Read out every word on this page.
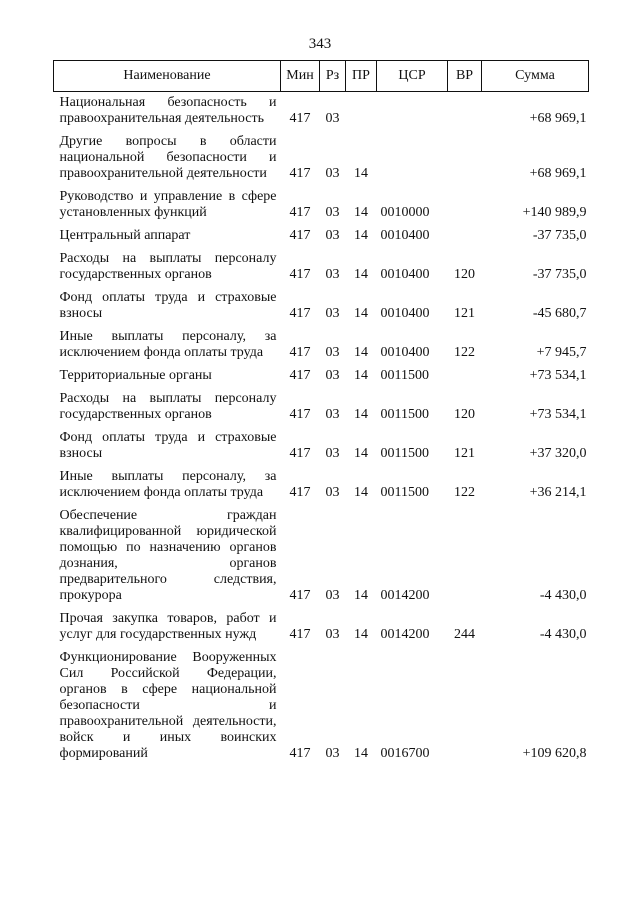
343
Наименование	Мин	Рз	ПР	ЦСР	ВР	Сумма
Национальная безопасность и правоохранительная деятельность	417	03				+68 969,1
Другие вопросы в области национальной безопасности и правоохранительной деятельности	417	03	14			+68 969,1
Руководство и управление в сфере установленных функций	417	03	14	0010000		+140 989,9
Центральный аппарат	417	03	14	0010400		-37 735,0
Расходы на выплаты персоналу государственных органов	417	03	14	0010400	120	-37 735,0
Фонд оплаты труда и страховые взносы	417	03	14	0010400	121	-45 680,7
Иные выплаты персоналу, за исключением фонда оплаты труда	417	03	14	0010400	122	+7 945,7
Территориальные органы	417	03	14	0011500		+73 534,1
Расходы на выплаты персоналу государственных органов	417	03	14	0011500	120	+73 534,1
Фонд оплаты труда и страховые взносы	417	03	14	0011500	121	+37 320,0
Иные выплаты персоналу, за исключением фонда оплаты труда	417	03	14	0011500	122	+36 214,1
Обеспечение граждан квалифицированной юридической помощью по назначению органов дознания, органов предварительного следствия, прокурора	417	03	14	0014200		-4 430,0
Прочая закупка товаров, работ и услуг для государственных нужд	417	03	14	0014200	244	-4 430,0
Функционирование Вооруженных Сил Российской Федерации, органов в сфере национальной безопасности и правоохранительной деятельности, войск и иных воинских формирований	417	03	14	0016700		+109 620,8
